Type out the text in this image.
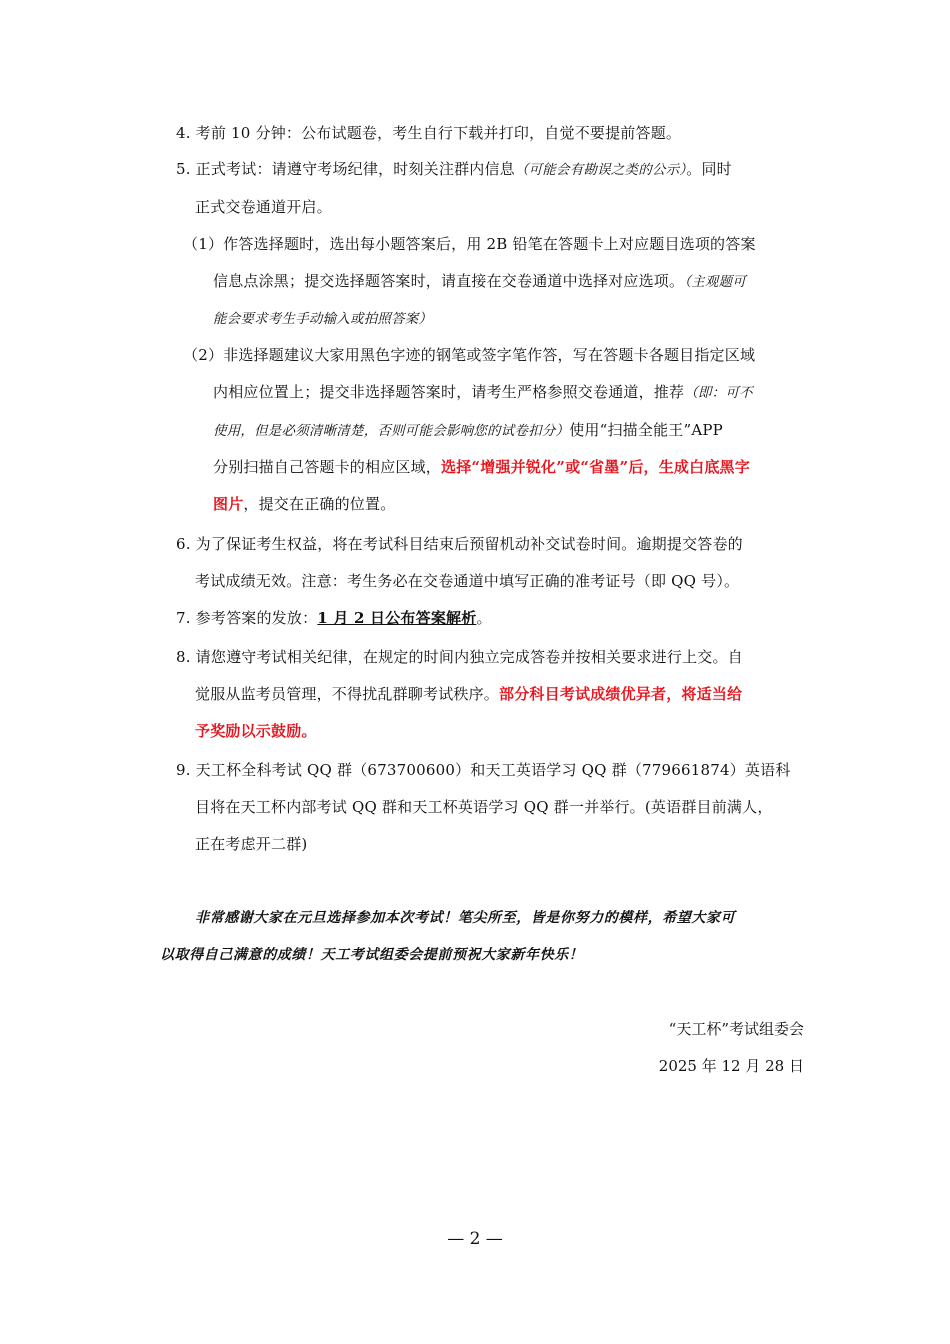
4. 考前 10 分钟：公布试题卷，考生自行下载并打印，自觉不要提前答题。
5. 正式考试：请遵守考场纪律，时刻关注群内信息（可能会有勘误之类的公示）。同时
正式交卷通道开启。
（1）作答选择题时，选出每小题答案后，用 2B 铅笔在答题卡上对应题目选项的答案
信息点涂黑；提交选择题答案时，请直接在交卷通道中选择对应选项。（主观题可
能会要求考生手动输入或拍照答案）
（2）非选择题建议大家用黑色字迹的钢笔或签字笔作答，写在答题卡各题目指定区域
内相应位置上；提交非选择题答案时，请考生严格参照交卷通道，推荐（即：可不
使用，但是必须清晰清楚，否则可能会影响您的试卷扣分）使用“扫描全能王”APP
分别扫描自己答题卡的相应区域，选择“增强并锐化”或“省墨”后，生成白底黑字
图片，提交在正确的位置。
6. 为了保证考生权益，将在考试科目结束后预留机动补交试卷时间。逾期提交答卷的
考试成绩无效。注意：考生务必在交卷通道中填写正确的准考证号（即 QQ 号）。
7. 参考答案的发放：1 月 2 日公布答案解析。
8. 请您遵守考试相关纪律，在规定的时间内独立完成答卷并按相关要求进行上交。自
觉服从监考员管理，不得扰乱群聊考试秩序。部分科目考试成绩优异者，将适当给
予奖励以示鼓励。
9. 天工杯全科考试 QQ 群（673700600）和天工英语学习 QQ 群（779661874）英语科
目将在天工杯内部考试 QQ 群和天工杯英语学习 QQ 群一并举行。(英语群目前满人，
正在考虑开二群)
非常感谢大家在元旦选择参加本次考试！笔尖所至，皆是你努力的模样，希望大家可
以取得自己满意的成绩！天工考试组委会提前预祝大家新年快乐！
“天工杯”考试组委会
2025 年 12 月 28 日
— 2 —
